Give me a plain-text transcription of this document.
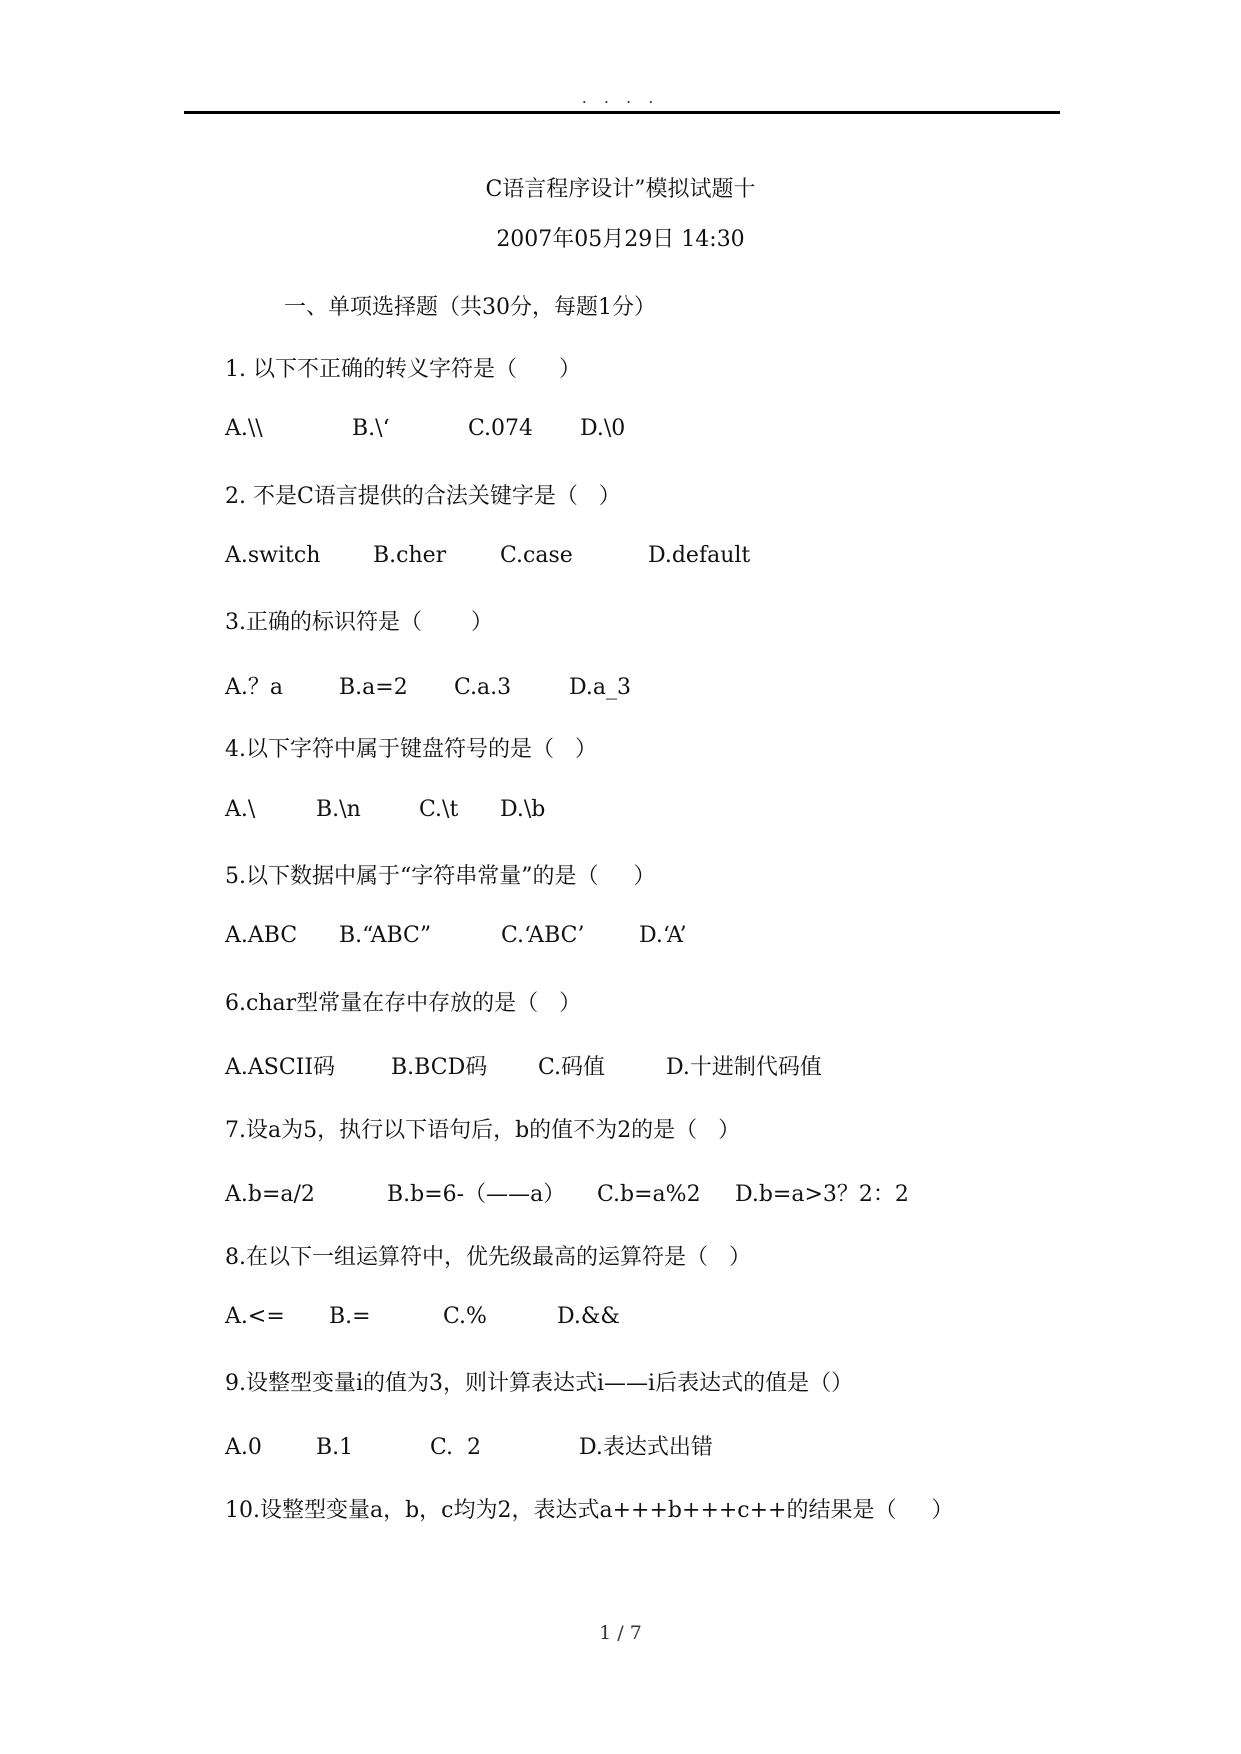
. . . .
C语言程序设计”模拟试题十
2007年05月29日 14:30
一、单项选择题（共30分，每题1分）
1. 以下不正确的转义字符是（      ）
A.\\	B.\‘	C.074 D.\0
2. 不是C语言提供的合法关键字是（   ）
A.switch B.cher C.case	D.default
3.正确的标识符是（       ）
A.？a	B.a=2 C.a.3	D.a_3
4.以下字符中属于键盘符号的是（   ）
A.\	B.\n	C.\t D.\b
5.以下数据中属于“字符串常量”的是（     ）
A.ABC B.“ABC”	C.‘ABC’ D.‘A’
6.char型常量在存中存放的是（   ）
A.ASCII码	B.BCD码 C.码值	D.十进制代码值
7.设a为5，执行以下语句后，b的值不为2的是（   ）
A.b=a/2	B.b=6-（——a） C.b=a%2 D.b=a>3？2：2
8.在以下一组运算符中，优先级最高的运算符是（   ）
A.<= B.=	C.%	D.&&
9.设整型变量i的值为3，则计算表达式i——i后表达式的值是（）
A.0 B.1	C.  2	D.表达式出错
10.设整型变量a，b，c均为2，表达式a+++b+++c++的结果是（     ）
1 / 7
